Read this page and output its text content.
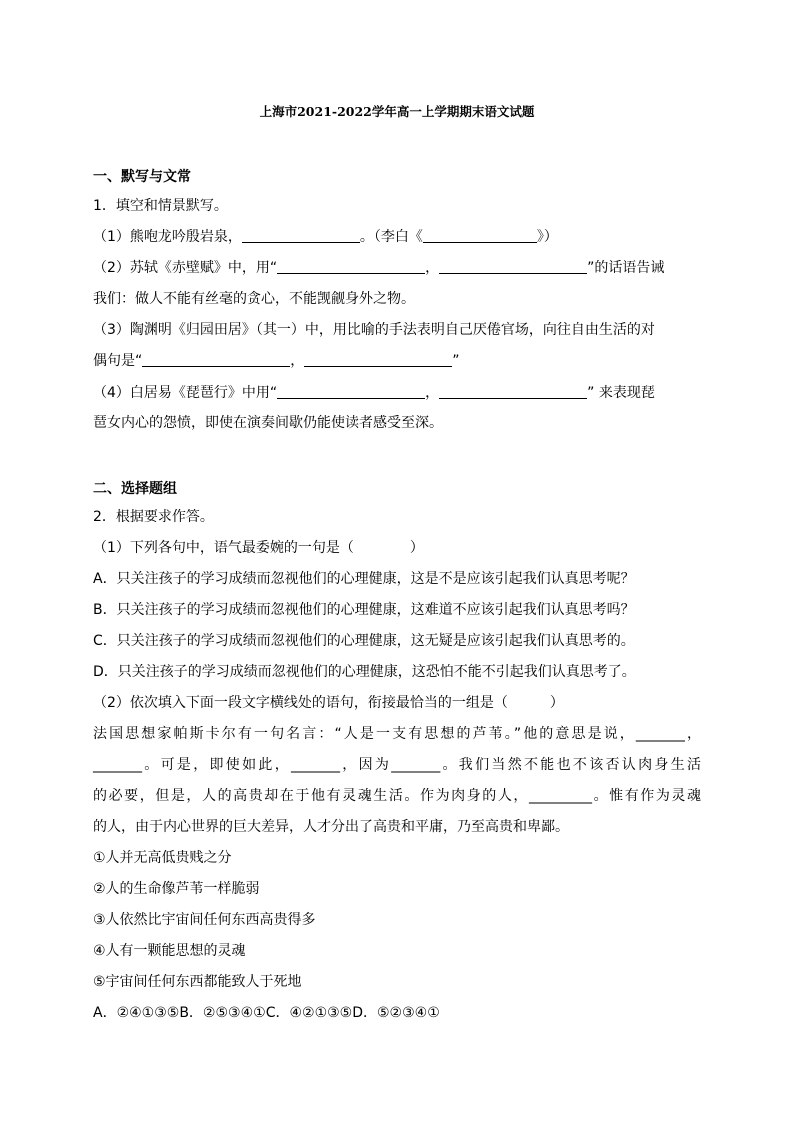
上海市2021-2022学年高一上学期期末语文试题
一、默写与文常
1．填空和情景默写。
（1）熊咆龙吟殷岩泉，	。（李白《	》）
（2）苏轼《赤壁赋》中，用“	，	”的话语告诫
我们：做人不能有丝毫的贪心，不能觊觎身外之物。
（3）陶渊明《归园田居》（其一）中，用比喻的手法表明自己厌倦官场，向往自由生活的对
偶句是“	，	”
（4）白居易《琵琶行》中用“	，	” 来表现琵
琶女内心的怨愤，即使在演奏间歇仍能使读者感受至深。
二、选择题组
2．根据要求作答。
（1）下列各句中，语气最委婉的一句是（　　　　）
A．只关注孩子的学习成绩而忽视他们的心理健康，这是不是应该引起我们认真思考呢？
B．只关注孩子的学习成绩而忽视他们的心理健康，这难道不应该引起我们认真思考吗？
C．只关注孩子的学习成绩而忽视他们的心理健康，这无疑是应该引起我们认真思考的。
D．只关注孩子的学习成绩而忽视他们的心理健康，这恐怕不能不引起我们认真思考了。
（2）依次填入下面一段文字横线处的语句，衔接最恰当的一组是（　　　）
法国思想家帕斯卡尔有一句名言：“人是一支有思想的芦苇。”他的意思是说，_______，
_______。可是，即使如此，_______，因为_______。我们当然不能也不该否认肉身生活
的必要，但是，人的高贵却在于他有灵魂生活。作为肉身的人，_________。惟有作为灵魂
的人，由于内心世界的巨大差异，人才分出了高贵和平庸，乃至高贵和卑鄙。
①人并无高低贵贱之分
②人的生命像芦苇一样脆弱
③人依然比宇宙间任何东西高贵得多
④人有一颗能思想的灵魂
⑤宇宙间任何东西都能致人于死地
A．②④①③⑤B．②⑤③④①C．④②①③⑤D．⑤②③④①
